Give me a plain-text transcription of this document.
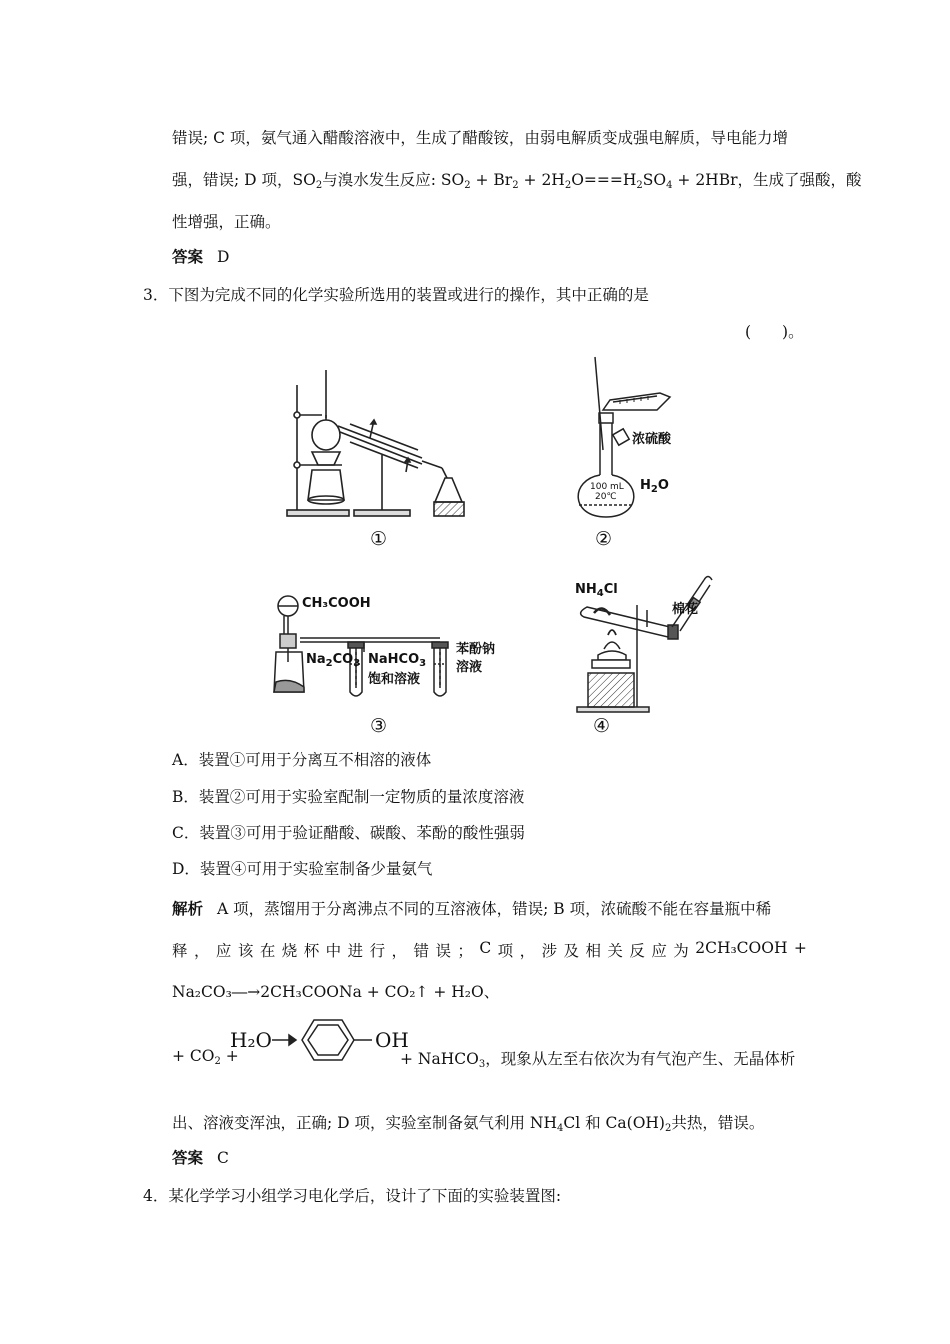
错误; C 项，氨气通入醋酸溶液中，生成了醋酸铵，由弱电解质变成强电解质，导电能力增
强，错误; D 项，$SO_2$与溴水发生反应: $SO_2 + Br_2 + 2H_2O===H_2SO_4 + 2HBr$，生成了强酸，酸
性增强，正确。
答案 D
3．下图为完成不同的化学实验所选用的装置或进行的操作，其中正确的是
(　　)。
①
浓硫酸
$H_2O$
100 mL
20℃
②
CH₃COOH
$Na_2CO_3$ NaHCO$_3$
饱和溶液
苯酚钠
溶液
③
$NH_4Cl$
棉花
④
A．装置①可用于分离互不相溶的液体
B．装置②可用于实验室配制一定物质的量浓度溶液
C．装置③可用于验证醋酸、碳酸、苯酚的酸性强弱
D．装置④可用于实验室制备少量氨气
解析 A 项，蒸馏用于分离沸点不同的互溶液体，错误; B 项，浓硫酸不能在容量瓶中稀
释 ， 应 该 在 烧 杯 中 进 行 ， 错 误 ； C 项 ， 涉 及 相 关 反 应 为 2CH₃COOH +
Na₂CO₃―→2CH₃COONa + CO₂↑ + H₂O、
+ $CO_2$ +
H₂O	OH
+ NaHCO$_3$，现象从左至右依次为有气泡产生、无晶体析
出、溶液变浑浊，正确; D 项，实验室制备氨气利用 $NH_4Cl$ 和 $Ca(OH)_2$共热，错误。
答案 C
4．某化学学习小组学习电化学后，设计了下面的实验装置图:
